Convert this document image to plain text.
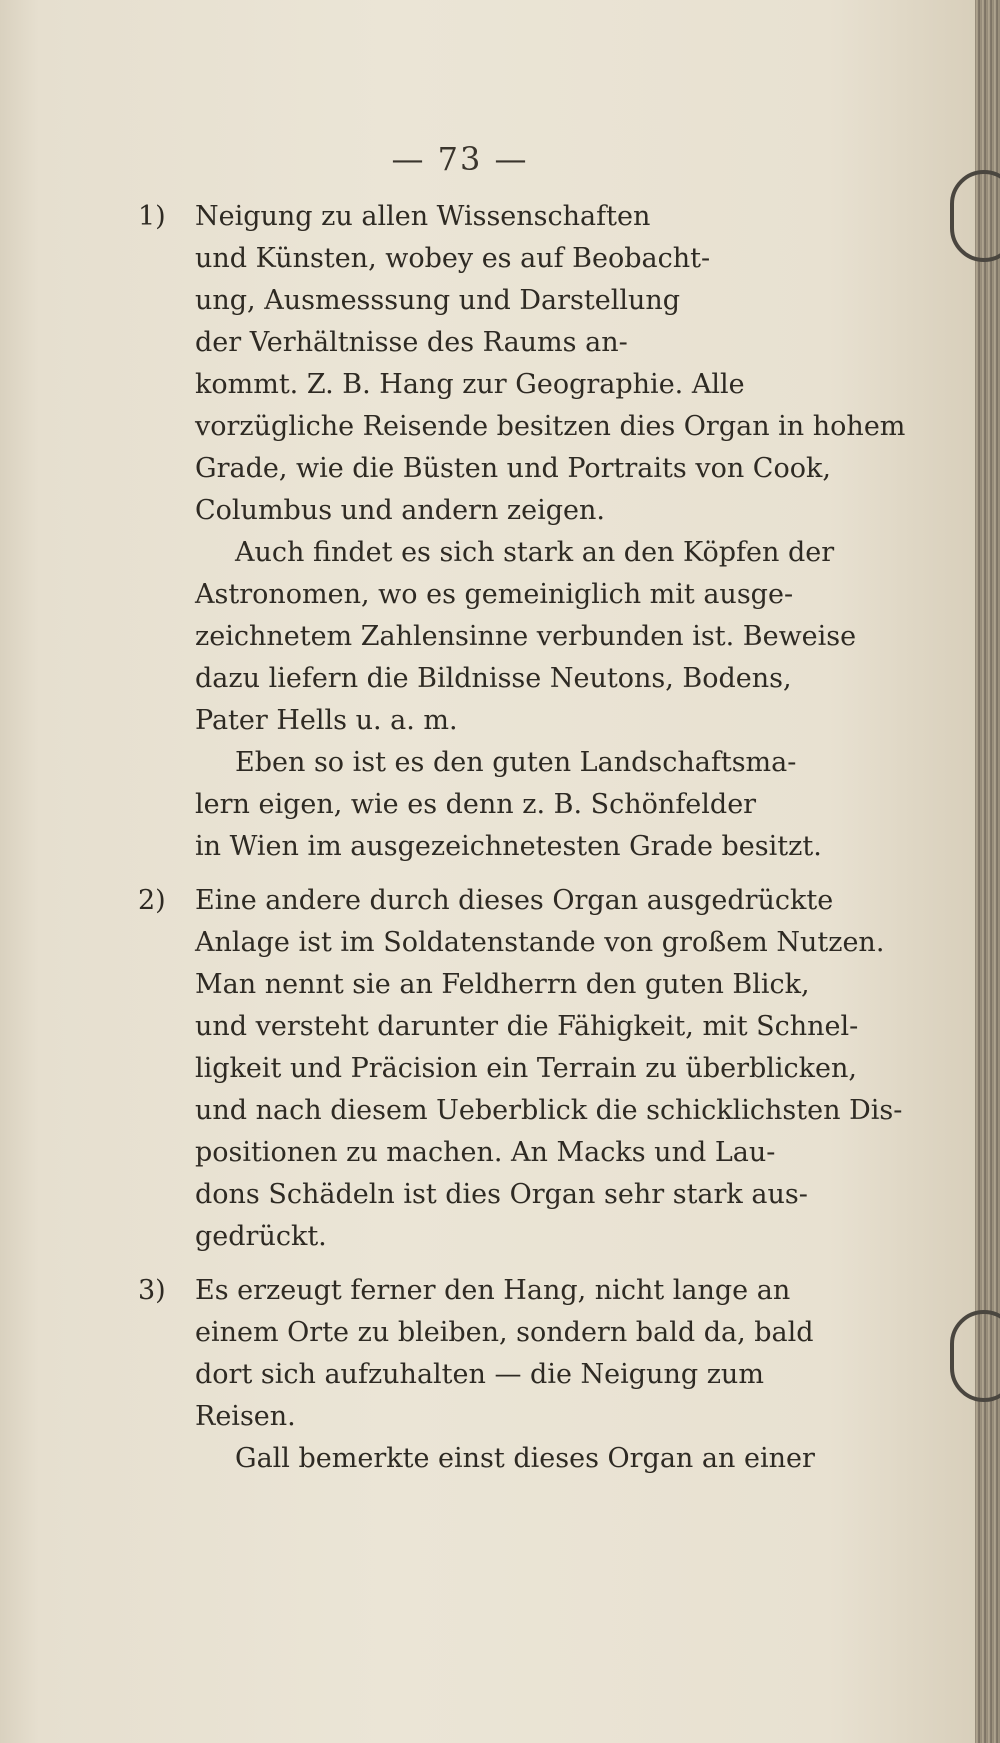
— 73 —
1) Neigung zu allen Wissenschaften
und Künsten, wobey es auf Beobacht-
ung, Ausmesssung und Darstellung
der Verhältnisse des Raums an-
kommt. Z. B. Hang zur Geographie. Alle
vorzügliche Reisende besitzen dies Organ in hohem
Grade, wie die Büsten und Portraits von Cook,
Columbus und andern zeigen.
Auch findet es sich stark an den Köpfen der
Astronomen, wo es gemeiniglich mit ausge-
zeichnetem Zahlensinne verbunden ist. Beweise
dazu liefern die Bildnisse Neutons, Bodens,
Pater Hells u. a. m.
Eben so ist es den guten Landschaftsma-
lern eigen, wie es denn z. B. Schönfelder
in Wien im ausgezeichnetesten Grade besitzt.
2) Eine andere durch dieses Organ ausgedrückte
Anlage ist im Soldatenstande von großem Nutzen.
Man nennt sie an Feldherrn den guten Blick,
und versteht darunter die Fähigkeit, mit Schnel-
ligkeit und Präcision ein Terrain zu überblicken,
und nach diesem Ueberblick die schicklichsten Dis-
positionen zu machen. An Macks und Lau-
dons Schädeln ist dies Organ sehr stark aus-
gedrückt.
3) Es erzeugt ferner den Hang, nicht lange an
einem Orte zu bleiben, sondern bald da, bald
dort sich aufzuhalten — die Neigung zum
Reisen.
Gall bemerkte einst dieses Organ an einer
